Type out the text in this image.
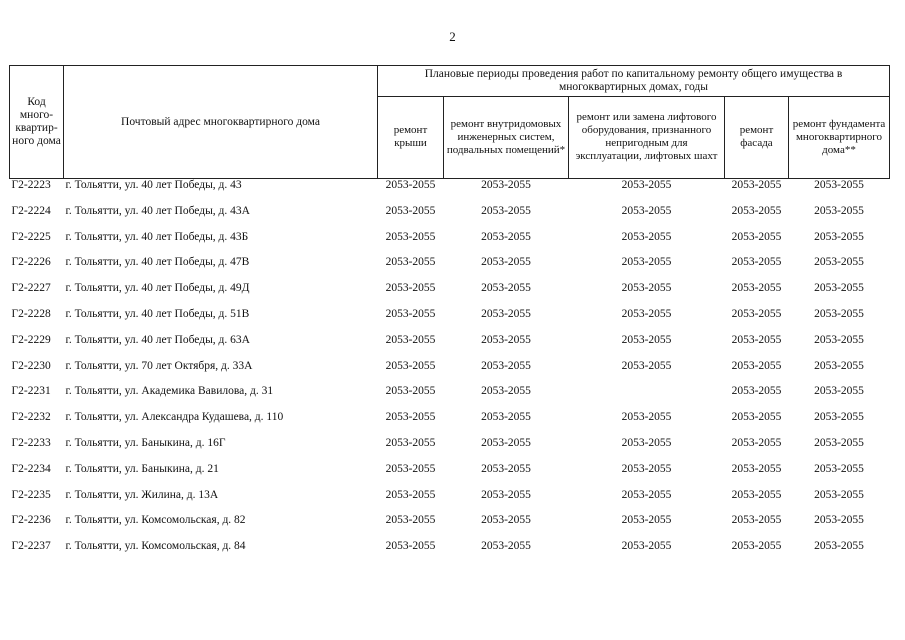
2
Код много-квартир-ного дома	Почтовый адрес многоквартирного дома	Плановые периоды проведения работ по капитальному ремонту общего имущества в многоквартирных домах, годы				
		ремонт крыши	ремонт внутридомовых инженерных систем, подвальных помещений*	ремонт или замена лифтового оборудования, признанного непригодным для эксплуатации, лифтовых шахт	ремонт фасада	ремонт фундамента многоквартирного дома**
Г2-2223	г. Тольятти, ул. 40 лет Победы, д. 43	2053-2055	2053-2055	2053-2055	2053-2055	2053-2055
Г2-2224	г. Тольятти, ул. 40 лет Победы, д. 43А	2053-2055	2053-2055	2053-2055	2053-2055	2053-2055
Г2-2225	г. Тольятти, ул. 40 лет Победы, д. 43Б	2053-2055	2053-2055	2053-2055	2053-2055	2053-2055
Г2-2226	г. Тольятти, ул. 40 лет Победы, д. 47В	2053-2055	2053-2055	2053-2055	2053-2055	2053-2055
Г2-2227	г. Тольятти, ул. 40 лет Победы, д. 49Д	2053-2055	2053-2055	2053-2055	2053-2055	2053-2055
Г2-2228	г. Тольятти, ул. 40 лет Победы, д. 51В	2053-2055	2053-2055	2053-2055	2053-2055	2053-2055
Г2-2229	г. Тольятти, ул. 40 лет Победы, д. 63А	2053-2055	2053-2055	2053-2055	2053-2055	2053-2055
Г2-2230	г. Тольятти, ул. 70 лет Октября, д. 33А	2053-2055	2053-2055	2053-2055	2053-2055	2053-2055
Г2-2231	г. Тольятти, ул. Академика Вавилова, д. 31	2053-2055	2053-2055		2053-2055	2053-2055
Г2-2232	г. Тольятти, ул. Александра Кудашева, д. 110	2053-2055	2053-2055	2053-2055	2053-2055	2053-2055
Г2-2233	г. Тольятти, ул. Баныкина, д. 16Г	2053-2055	2053-2055	2053-2055	2053-2055	2053-2055
Г2-2234	г. Тольятти, ул. Баныкина, д. 21	2053-2055	2053-2055	2053-2055	2053-2055	2053-2055
Г2-2235	г. Тольятти, ул. Жилина, д. 13А	2053-2055	2053-2055	2053-2055	2053-2055	2053-2055
Г2-2236	г. Тольятти, ул. Комсомольская, д. 82	2053-2055	2053-2055	2053-2055	2053-2055	2053-2055
Г2-2237	г. Тольятти, ул. Комсомольская, д. 84	2053-2055	2053-2055	2053-2055	2053-2055	2053-2055
